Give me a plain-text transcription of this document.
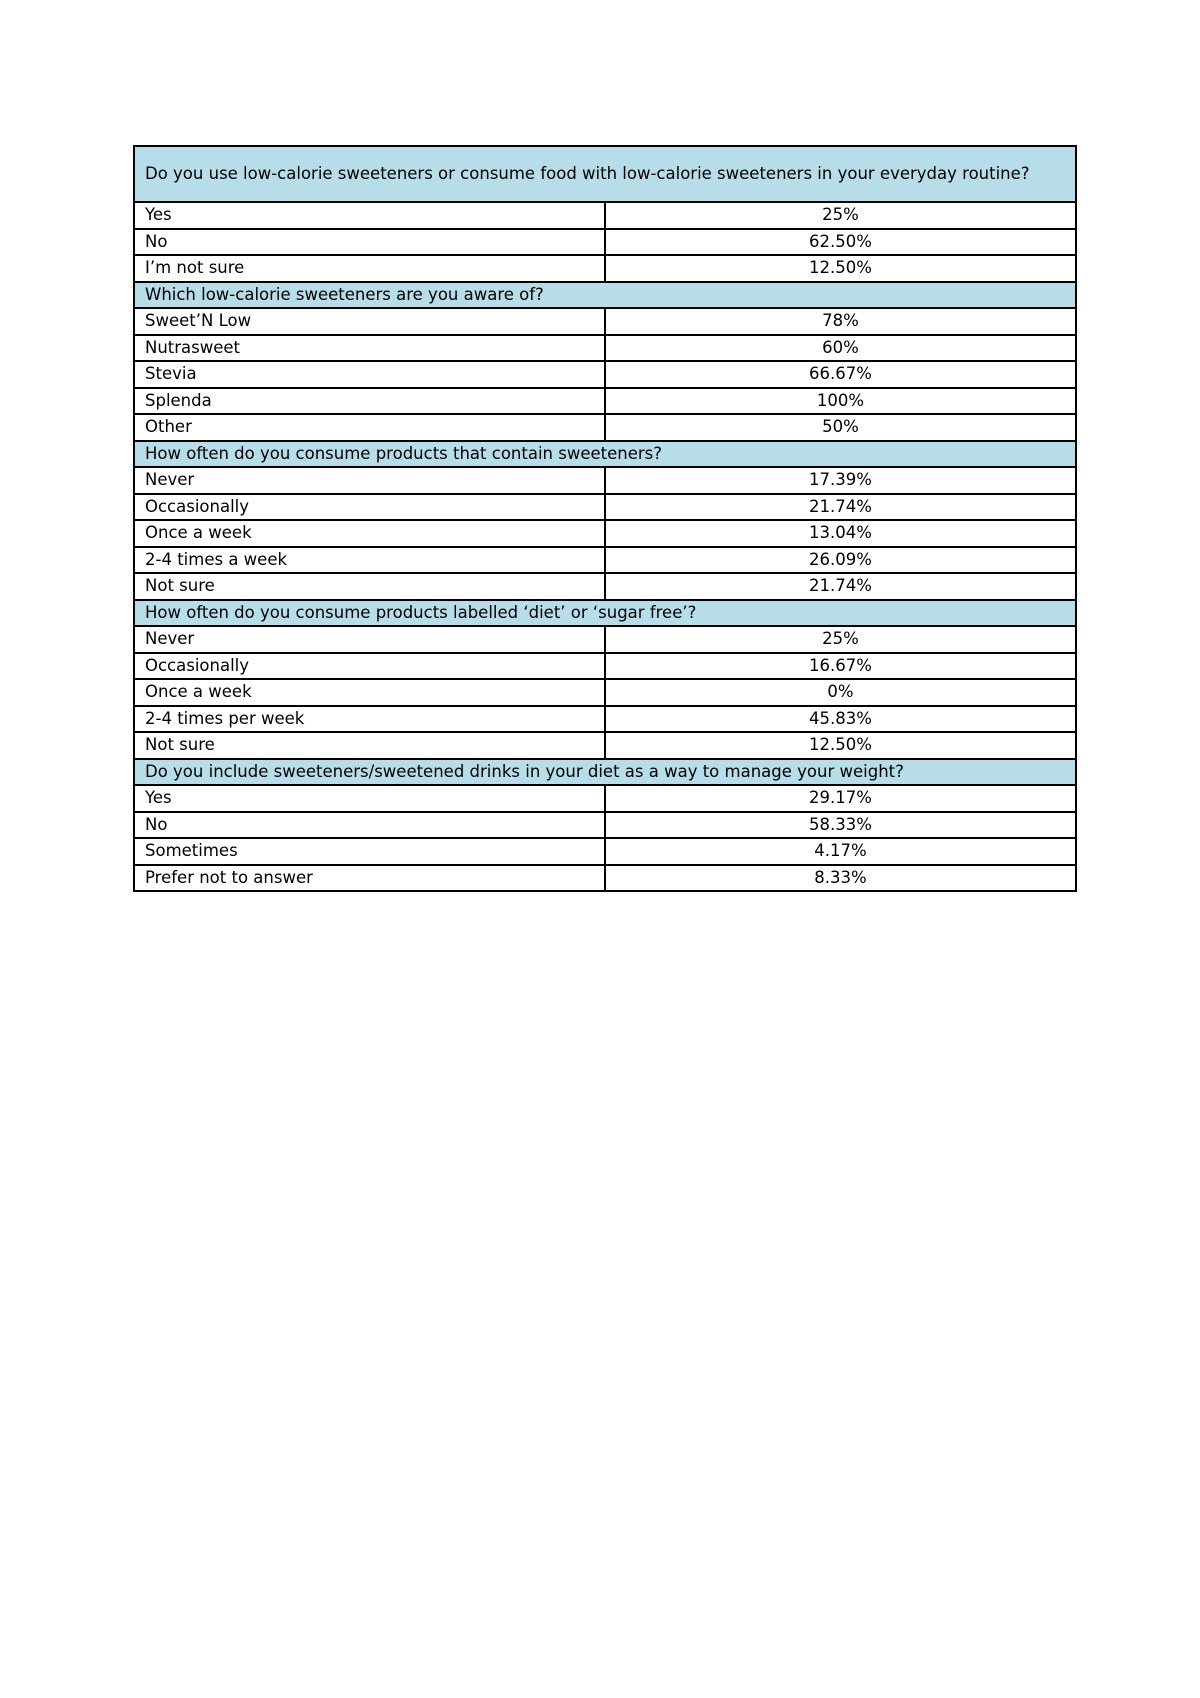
Do you use low-calorie sweeteners or consume food with low-calorie sweeteners in your everyday routine?	
Yes	25%
No	62.50%
I’m not sure	12.50%
Which low-calorie sweeteners are you aware of?	
Sweet’N Low	78%
Nutrasweet	60%
Stevia	66.67%
Splenda	100%
Other	50%
How often do you consume products that contain sweeteners?	
Never	17.39%
Occasionally	21.74%
Once a week	13.04%
2-4 times a week	26.09%
Not sure	21.74%
How often do you consume products labelled ‘diet’ or ‘sugar free’?	
Never	25%
Occasionally	16.67%
Once a week	0%
2-4 times per week	45.83%
Not sure	12.50%
Do you include sweeteners/sweetened drinks in your diet as a way to manage your weight?	
Yes	29.17%
No	58.33%
Sometimes	4.17%
Prefer not to answer	8.33%
